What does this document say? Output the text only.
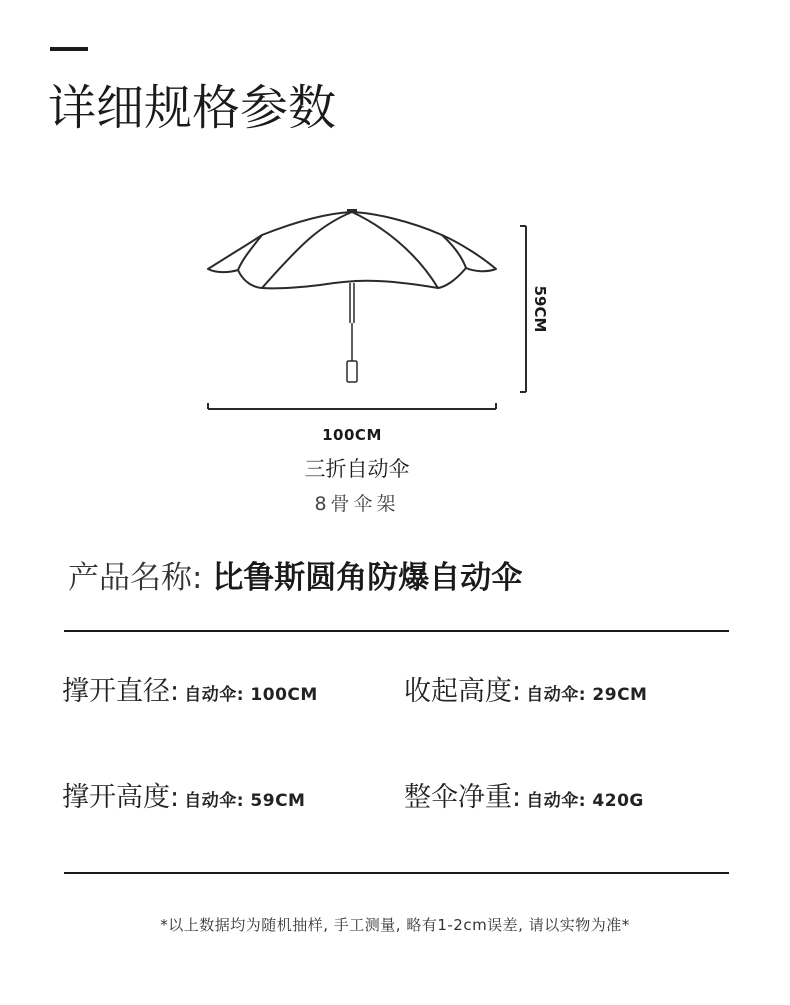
详细规格参数
100CM
59CM
三折自动伞
8骨伞架
产品名称: 比鲁斯圆角防爆自动伞
撑开直径: 自动伞: 100CM	收起高度: 自动伞: 29CM
撑开高度: 自动伞: 59CM	整伞净重: 自动伞: 420G
*以上数据均为随机抽样, 手工测量, 略有1-2cm误差, 请以实物为准*
